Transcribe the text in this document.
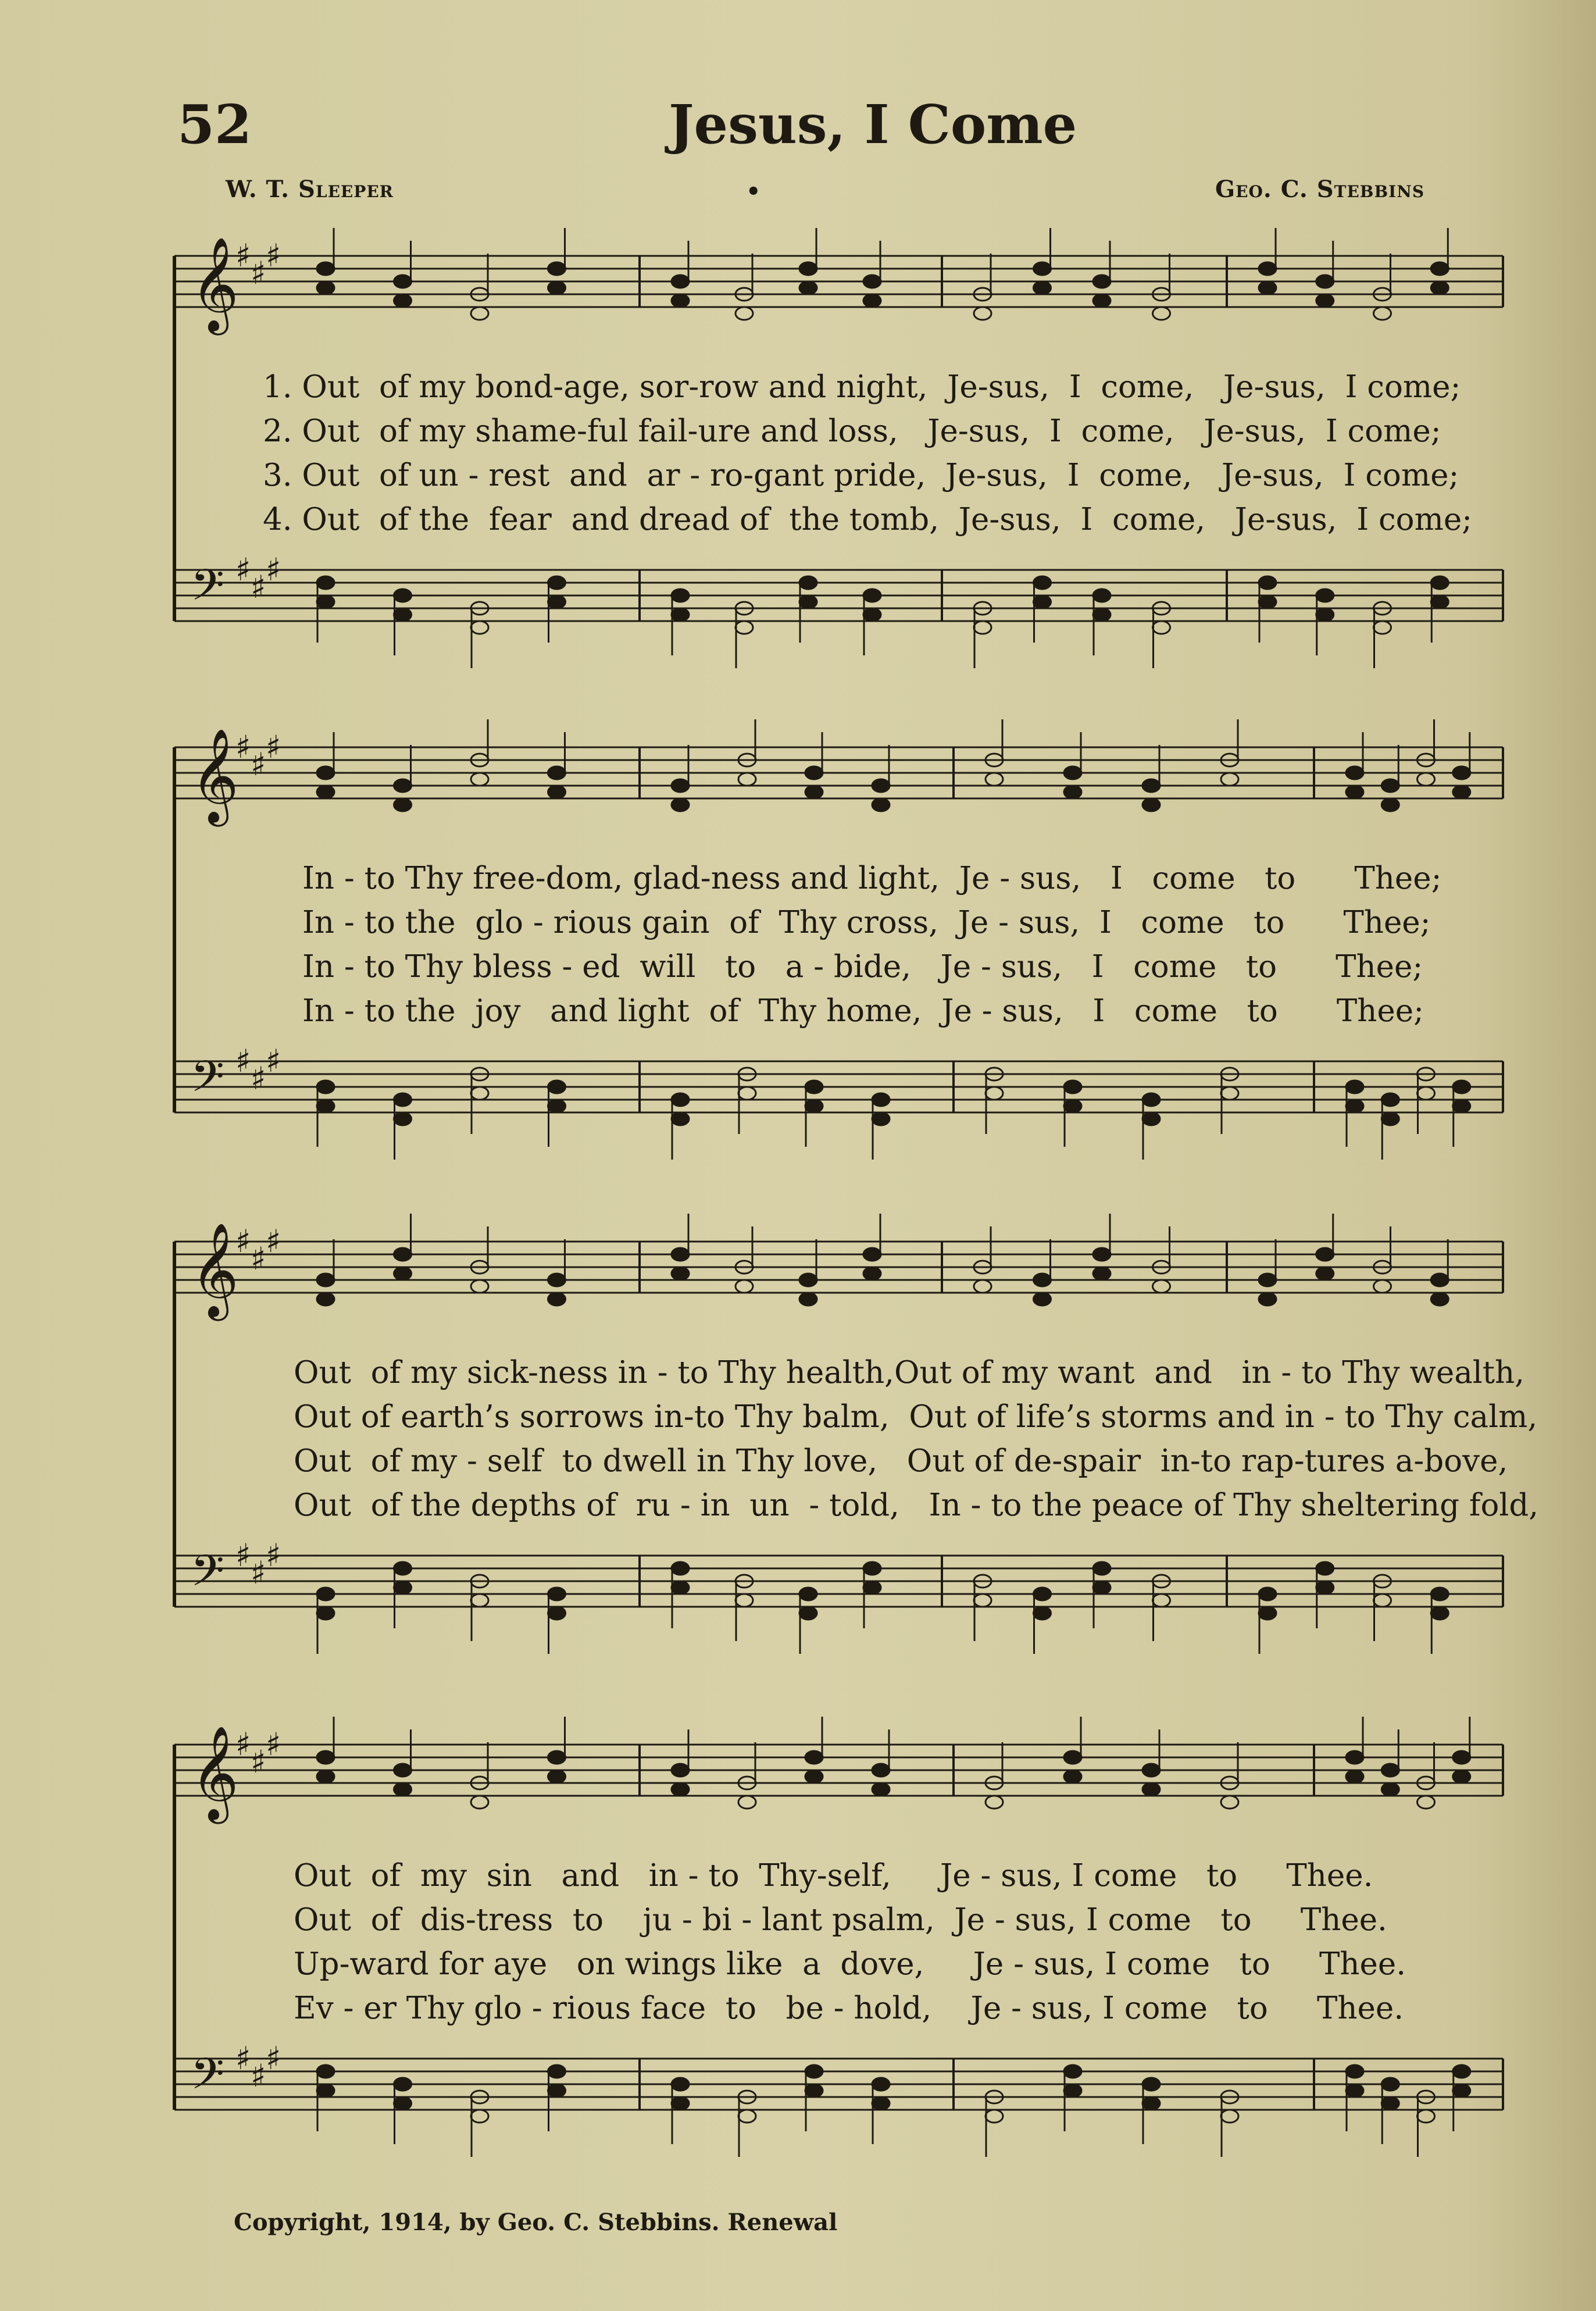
52	Jesus, I Come
W. T. Sleeper	•	Geo. C. Stebbins
𝄞
♯ ♯ ♯
𝄢 ♯ ♯ ♯
1. Out  of my bond-age, sor-row and night,  Je-sus,  I  come,   Je-sus,  I come;
2. Out  of my shame-ful fail-ure and loss,   Je-sus,  I  come,   Je-sus,  I come;
3. Out  of un - rest  and  ar - ro-gant pride,  Je-sus,  I  come,   Je-sus,  I come;
4. Out  of the  fear  and dread of  the tomb,  Je-sus,  I  come,   Je-sus,  I come;
𝄞
♯ ♯ ♯
𝄢 ♯ ♯ ♯
In - to Thy free-dom, glad-ness and light,  Je - sus,   I   come   to      Thee;
In - to the  glo - rious gain  of  Thy cross,  Je - sus,  I   come   to      Thee;
In - to Thy bless - ed  will   to   a - bide,   Je - sus,   I   come   to      Thee;
In - to the  joy   and light  of  Thy home,  Je - sus,   I   come   to      Thee;
𝄞
♯ ♯ ♯
𝄢 ♯ ♯ ♯
Out  of my sick-ness in - to Thy health,Out of my want  and   in - to Thy wealth,
Out of earth’s sorrows in-to Thy balm,  Out of life’s storms and in - to Thy calm,
Out  of my - self  to dwell in Thy love,   Out of de-spair  in-to rap-tures a-bove,
Out  of the depths of  ru - in  un  - told,   In - to the peace of Thy sheltering fold,
𝄞
♯ ♯ ♯
𝄢 ♯ ♯ ♯
Out  of  my  sin   and   in - to  Thy-self,     Je - sus, I come   to     Thee.
Out  of  dis-tress  to    ju - bi - lant psalm,  Je - sus, I come   to     Thee.
Up-ward for aye   on wings like  a  dove,     Je - sus, I come   to     Thee.
Ev - er Thy glo - rious face  to   be - hold,    Je - sus, I come   to     Thee.
Copyright, 1914, by Geo. C. Stebbins. Renewal
